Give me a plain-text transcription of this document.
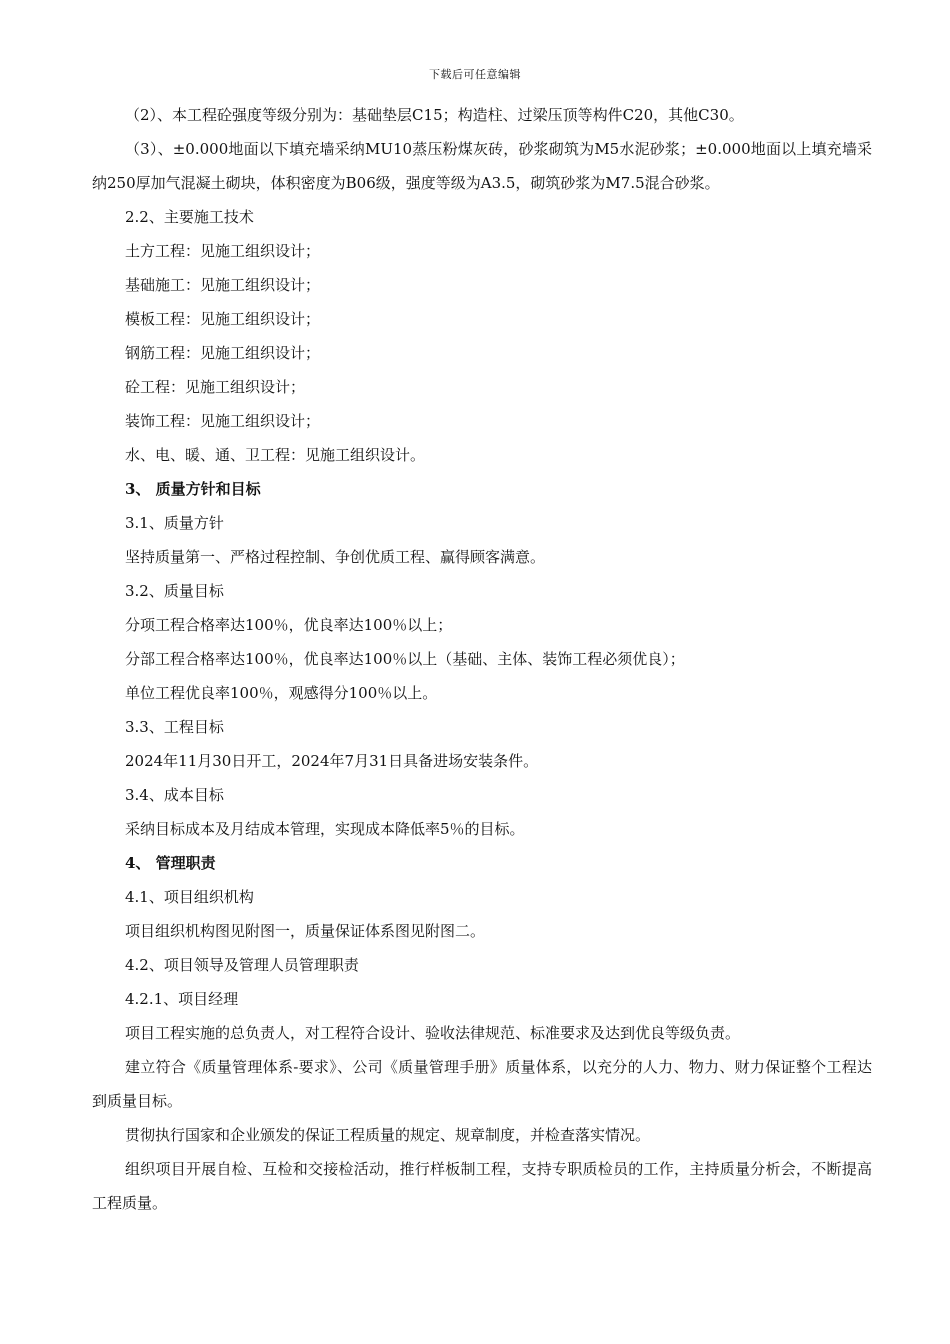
下载后可任意编辑

（2）、本工程砼强度等级分别为：基础垫层C15；构造柱、过梁压顶等构件C20，其他C30。

（3）、±0.000地面以下填充墙采纳MU10蒸压粉煤灰砖，砂浆砌筑为M5水泥砂浆；±0.000地面以上填充墙采纳250厚加气混凝土砌块，体积密度为B06级，强度等级为A3.5，砌筑砂浆为M7.5混合砂浆。

2.2、主要施工技术

土方工程：见施工组织设计；

基础施工：见施工组织设计；

模板工程：见施工组织设计；

钢筋工程：见施工组织设计；

砼工程：见施工组织设计；

装饰工程：见施工组织设计；

水、电、暖、通、卫工程：见施工组织设计。

3、 质量方针和目标

3.1、质量方针

坚持质量第一、严格过程控制、争创优质工程、赢得顾客满意。

3.2、质量目标

分项工程合格率达100％，优良率达100％以上；

分部工程合格率达100％，优良率达100％以上（基础、主体、装饰工程必须优良）；

单位工程优良率100％，观感得分100％以上。

3.3、工程目标

2024年11月30日开工，2024年7月31日具备进场安装条件。

3.4、成本目标

采纳目标成本及月结成本管理，实现成本降低率5％的目标。

4、 管理职责

4.1、项目组织机构

项目组织机构图见附图一，质量保证体系图见附图二。

4.2、项目领导及管理人员管理职责

4.2.1、项目经理

项目工程实施的总负责人，对工程符合设计、验收法律规范、标准要求及达到优良等级负责。

建立符合《质量管理体系-要求》、公司《质量管理手册》质量体系，以充分的人力、物力、财力保证整个工程达到质量目标。

贯彻执行国家和企业颁发的保证工程质量的规定、规章制度，并检查落实情况。

组织项目开展自检、互检和交接检活动，推行样板制工程，支持专职质检员的工作，主持质量分析会，不断提高工程质量。
